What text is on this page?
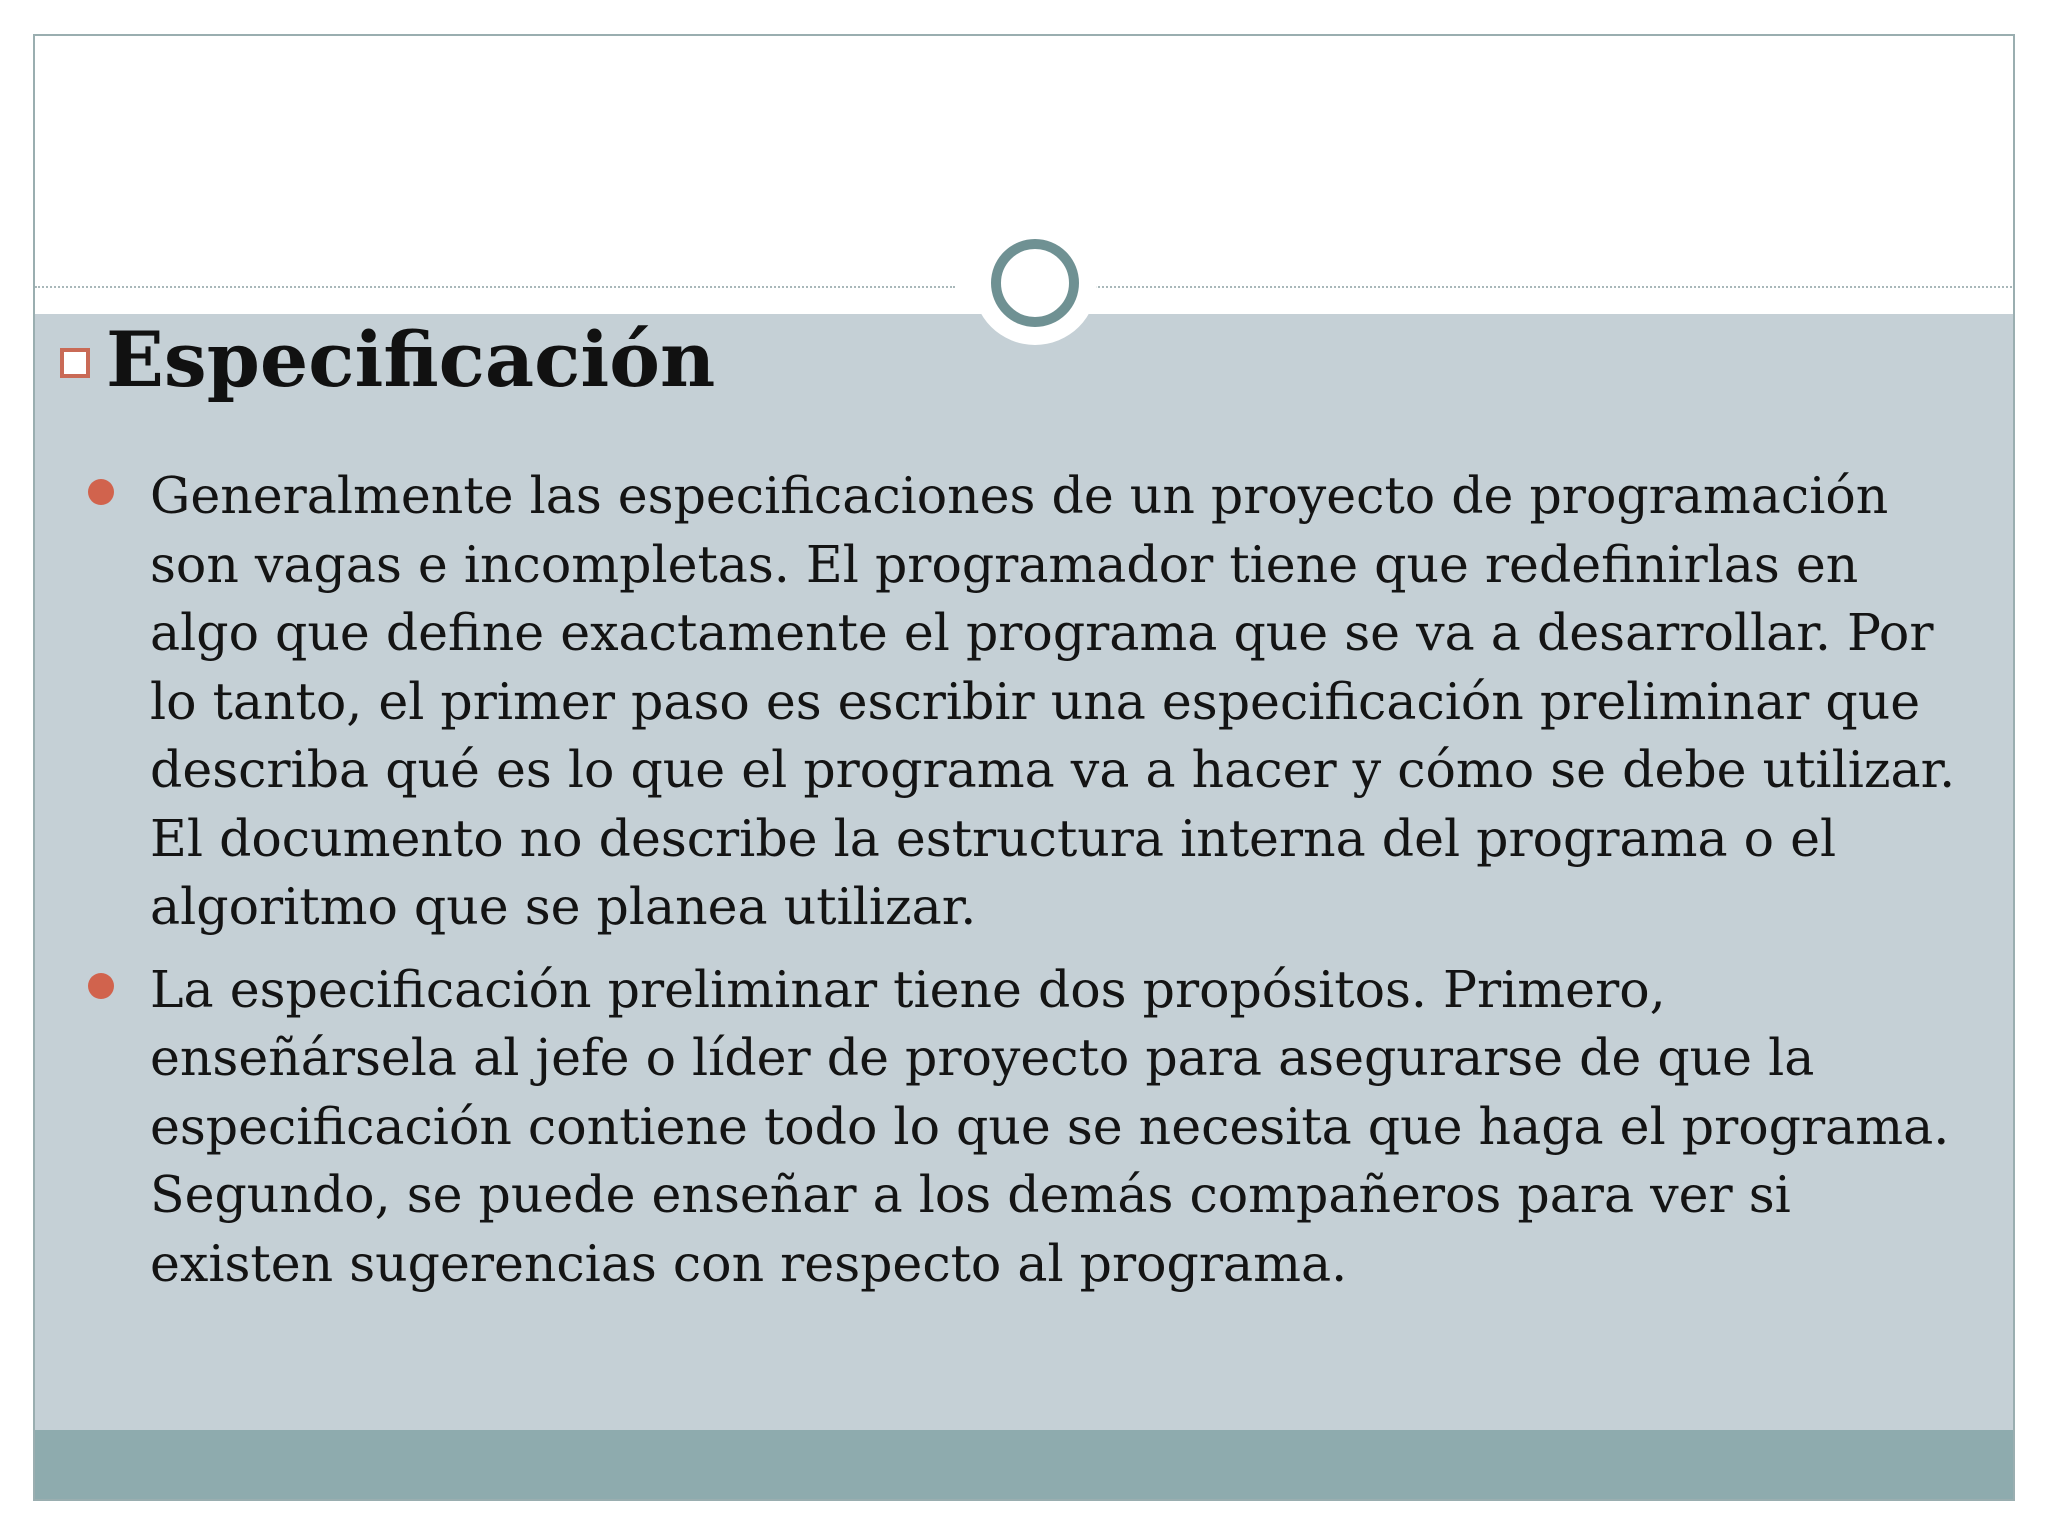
Especificación
Generalmente las especificaciones de un proyecto de programación son vagas e incompletas. El programador tiene que redefinirlas en algo que define exactamente el programa que se va a desarrollar. Por lo tanto, el primer paso es escribir una especificación preliminar que describa qué es lo que el programa va a hacer y cómo se debe utilizar. El documento no describe la estructura interna del programa o el algoritmo que se planea utilizar.
La especificación preliminar tiene dos propósitos. Primero, enseñársela al jefe o líder de proyecto para asegurarse de que la especificación contiene todo lo que se necesita que haga el programa. Segundo, se puede enseñar a los demás compañeros para ver si existen sugerencias con respecto al programa.
